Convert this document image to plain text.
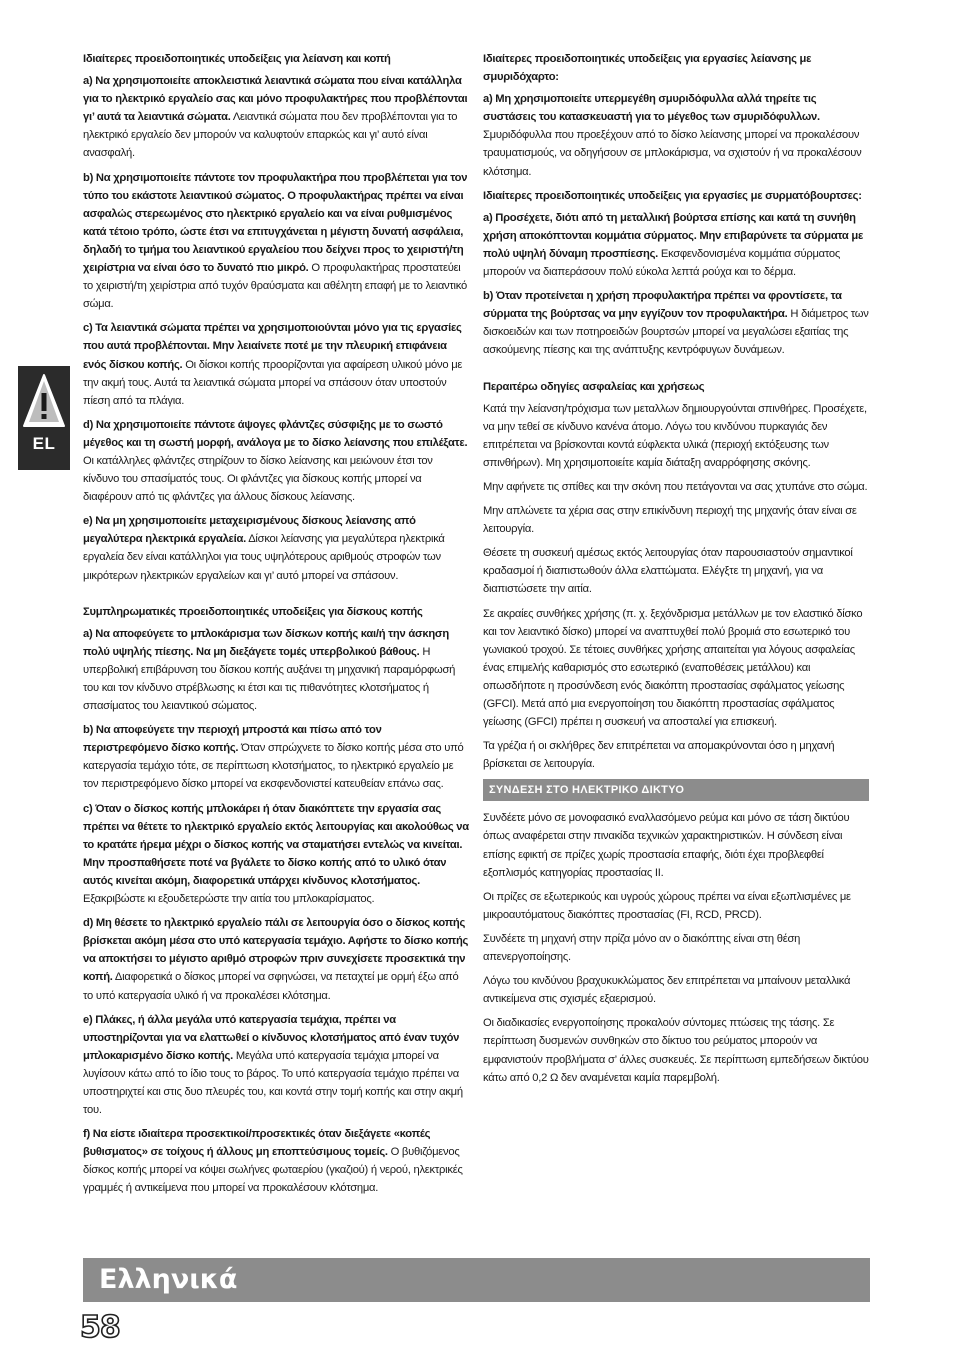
EL

Ιδιαίτερες προειδοποιητικές υποδείξεις για λείανση και κοπή

a) Να χρησιμοποιείτε αποκλειστικά λειαντικά σώματα που είναι κατάλληλα για το ηλεκτρικό εργαλείο σας και μόνο προφυλακτήρες που προβλέπονται γι’ αυτά τα λειαντικά σώματα. Λειαντικά σώματα που δεν προβλέπονται για το ηλεκτρικό εργαλείο δεν μπορούν να καλυφτούν επαρκώς και γι’ αυτό είναι ανασφαλή.

b) Να χρησιμοποιείτε πάντοτε τον προφυλακτήρα που προβλέπεται για τον τύπο του εκάστοτε λειαντικού σώματος. Ο προφυλακτήρας πρέπει να είναι ασφαλώς στερεωμένος στο ηλεκτρικό εργαλείο και να είναι ρυθμισμένος κατά τέτοιο τρόπο, ώστε έτσι να επιτυγχάνεται η μέγιστη δυνατή ασφάλεια, δηλαδή το τμήμα του λειαντικού εργαλείου που δείχνει προς το χειριστή/τη χειρίστρια να είναι όσο το δυνατό πιο μικρό. Ο προφυλακτήρας προστατεύει το χειριστή/τη χειρίστρια από τυχόν θραύσματα και αθέλητη επαφή με το λειαντικό σώμα.

c) Τα λειαντικά σώματα πρέπει να χρησιμοποιούνται μόνο για τις εργασίες που αυτά προβλέπονται. Μην λειαίνετε ποτέ με την πλευρική επιφάνεια ενός δίσκου κοπής. Οι δίσκοι κοπής προορίζονται για αφαίρεση υλικού μόνο με την ακμή τους. Αυτά τα λειαντικά σώματα μπορεί να σπάσουν όταν υποστούν πίεση από τα πλάγια.

d) Να χρησιμοποιείτε πάντοτε άψογες φλάντζες σύσφιξης με το σωστό μέγεθος και τη σωστή μορφή, ανάλογα με το δίσκο λείανσης που επιλέξατε. Οι κατάλληλες φλάντζες στηρίζουν το δίσκο λείανσης και μειώνουν έτσι τον κίνδυνο του σπασίματός τους. Οι φλάντζες για δίσκους κοπής μπορεί να διαφέρουν από τις φλάντζες για άλλους δίσκους λείανσης.

e) Να μη χρησιμοποιείτε μεταχειρισμένους δίσκους λείανσης από μεγαλύτερα ηλεκτρικά εργαλεία. Δίσκοι λείανσης για μεγαλύτερα ηλεκτρικά εργαλεία δεν είναι κατάλληλοι για τους υψηλότερους αριθμούς στροφών των μικρότερων ηλεκτρικών εργαλείων και γι’ αυτό μπορεί να σπάσουν.

Συμπληρωματικές προειδοποιητικές υποδείξεις για δίσκους κοπής

a) Να αποφεύγετε το μπλοκάρισμα των δίσκων κοπής και/ή την άσκηση πολύ υψηλής πίεσης. Να μη διεξάγετε τομές υπερβολικού βάθους. Η υπερβολική επιβάρυνση του δίσκου κοπής αυξάνει τη μηχανική παραμόρφωσή του και τον κίνδυνο στρέβλωσης κι έτσι και τις πιθανότητες κλοτσήματος ή σπασίματος του λειαντικού σώματος.

b) Να αποφεύγετε την περιοχή μπροστά και πίσω από τον περιστρεφόμενο δίσκο κοπής. Όταν σπρώχνετε το δίσκο κοπής μέσα στο υπό κατεργασία τεμάχιο τότε, σε περίπτωση κλοτσήματος, το ηλεκτρικό εργαλείο με τον περιστρεφόμενο δίσκο μπορεί να εκσφενδονιστεί κατευθείαν επάνω σας.

c) Όταν ο δίσκος κοπής μπλοκάρει ή όταν διακόπτετε την εργασία σας πρέπει να θέτετε το ηλεκτρικό εργαλείο εκτός λειτουργίας και ακολούθως να το κρατάτε ήρεμα μέχρι ο δίσκος κοπής να σταματήσει εντελώς να κινείται. Μην προσπαθήσετε ποτέ να βγάλετε το δίσκο κοπής από το υλικό όταν αυτός κινείται ακόμη, διαφορετικά υπάρχει κίνδυνος κλοτσήματος. Εξακριβώστε κι εξουδετερώστε την αιτία του μπλοκαρίσματος.

d) Μη θέσετε το ηλεκτρικό εργαλείο πάλι σε λειτουργία όσο ο δίσκος κοπής βρίσκεται ακόμη μέσα στο υπό κατεργασία τεμάχιο. Αφήστε το δίσκο κοπής να αποκτήσει το μέγιστο αριθμό στροφών πριν συνεχίσετε προσεκτικά την κοπή. Διαφορετικά ο δίσκος μπορεί να σφηνώσει, να πεταχτεί με ορμή έξω από το υπό κατεργασία υλικό ή να προκαλέσει κλότσημα.

e) Πλάκες, ή άλλα μεγάλα υπό κατεργασία τεμάχια, πρέπει να υποστηρίζονται για να ελαττωθεί ο κίνδυνος κλοτσήματος από έναν τυχόν μπλοκαρισμένο δίσκο κοπής. Μεγάλα υπό κατεργασία τεμάχια μπορεί να λυγίσουν κάτω από το ίδιο τους το βάρος. Το υπό κατεργασία τεμάχιο πρέπει να υποστηριχτεί και στις δυο πλευρές του, και κοντά στην τομή κοπής και στην ακμή του.

f) Να είστε ιδιαίτερα προσεκτικοί/προσεκτικές όταν διεξάγετε «κοπές βυθισματος» σε τοίχους ή άλλους μη εποπτεύσιμους τομείς. Ο βυθιζόμενος δίσκος κοπής μπορεί να κόψει σωλήνες φωταερίου (γκαζιού) ή νερού, ηλεκτρικές γραμμές ή αντικείμενα που μπορεί να προκαλέσουν κλότσημα.

Ιδιαίτερες προειδοποιητικές υποδείξεις για εργασίες λείανσης με σμυριδόχαρτο:

a) Μη χρησιμοποιείτε υπερμεγέθη σμυριδόφυλλα αλλά τηρείτε τις συστάσεις του κατασκευαστή για το μέγεθος των σμυριδόφυλλων. Σμυριδόφυλλα που προεξέχουν από το δίσκο λείανσης μπορεί να προκαλέσουν τραυματισμούς, να οδηγήσουν σε μπλοκάρισμα, να σχιστούν ή να προκαλέσουν κλότσημα.

Ιδιαίτερες προειδοποιητικές υποδείξεις για εργασίες με συρματόβουρτσες:

a) Προσέχετε, διότι από τη μεταλλική βούρτσα επίσης και κατά τη συνήθη χρήση αποκόπτονται κομμάτια σύρματος. Μην επιβαρύνετε τα σύρματα με πολύ υψηλή δύναμη προσπίεσης. Εκσφενδονισμένα κομμάτια σύρματος μπορούν να διαπεράσουν πολύ εύκολα λεπτά ρούχα και το δέρμα.

b) Όταν προτείνεται η χρήση προφυλακτήρα πρέπει να φροντίσετε, τα σύρματα της βούρτσας να μην εγγίζουν τον προφυλακτήρα. Η διάμετρος των δισκοειδών και των ποτηροειδών βουρτσών μπορεί να μεγαλώσει εξαιτίας της ασκούμενης πίεσης και της ανάπτυξης κεντρόφυγων δυνάμεων.

Περαιτέρω οδηγίες ασφαλείας και χρήσεως

Κατά την λείανση/τρόχισμα των μεταλλων δημιουργούνται σπινθήρες. Προσέχετε, να μην τεθεί σε κίνδυνο κανένα άτομο. Λόγω του κινδύνου πυρκαγιάς δεν επιτρέπεται να βρίσκονται κοντά εύφλεκτα υλικά (περιοχή εκτόξευσης των σπινθήρων). Μη χρησιμοποιείτε καμία διάταξη αναρρόφησης σκόνης.

Μην αφήνετε τις σπίθες και την σκόνη που πετάγονται να σας χτυπάνε στο σώμα.

Μην απλώνετε τα χέρια σας στην επικίνδυνη περιοχή της μηχανής όταν είναι σε λειτουργία.

Θέσετε τη συσκευή αμέσως εκτός λειτουργίας όταν παρουσιαστούν σημαντικοί κραδασμοί ή διαπιστωθούν άλλα ελαττώματα. Ελέγξτε τη μηχανή, για να διαπιστώσετε την αιτία.

Σε ακραίες συνθήκες χρήσης (π. χ. ξεχόνδρισμα μετάλλων με τον ελαστικό δίσκο και τον λειαντικό δίσκο) μπορεί να αναπτυχθεί πολύ βρομιά στο εσωτερικό του γωνιακού τροχού. Σε τέτοιες συνθήκες χρήσης απαιτείται για λόγους ασφαλείας ένας επιμελής καθαρισμός στο εσωτερικό (εναποθέσεις μετάλλου) και οπωσδήποτε η προσύνδεση ενός διακόπτη προστασίας σφάλματος γείωσης (GFCI). Μετά από μια ενεργοποίηση του διακόπτη προστασίας σφάλματος γείωσης (GFCI) πρέπει η συσκευή να αποσταλεί για επισκευή.

Τα γρέζια ή οι σκλήθρες δεν επιτρέπεται να απομακρύνονται όσο η μηχανή βρίσκεται σε λειτουργία.

ΣΥΝΔΕΣΗ ΣΤΟ ΗΛΕΚΤΡΙΚΟ ΔΙΚΤΥΟ

Συνδέετε μόνο σε μονοφασικό εναλλασόμενο ρεύμα και μόνο σε τάση δικτύου όπως αναφέρεται στην πινακίδα τεχνικών χαρακτηριστικών. Η σύνδεση είναι επίσης εφικτή σε πρίζες χωρίς προστασία επαφής, διότι έχει προβλεφθεί εξοπλισμός κατηγορίας προστασίας II.

Οι πρίζες σε εξωτερικούς και υγρούς χώρους πρέπει να είναι εξωπλισμένες με μικροαυτόματους διακόπτες προστασίας (FI, RCD, PRCD).

Συνδέετε τη μηχανή στην πρίζα μόνο αν ο διακόπτης είναι στη θέση απενεργοποίησης.

Λόγω του κινδύνου βραχυκυκλώματος δεν επιτρέπεται να μπαίνουν μεταλλικά αντικείμενα στις σχισμές εξαερισμού.

Οι διαδικασίες ενεργοποίησης προκαλούν σύντομες πτώσεις της τάσης. Σε περίπτωση δυσμενών συνθηκών στο δίκτυο του ρεύματος μπορούν να εμφανιστούν προβλήματα σ’ άλλες συσκευές. Σε περίπτωση εμπεδήσεων δικτύου κάτω από 0,2 Ω δεν αναμένεται καμία παρεμβολή.

Ελληνικά
58
